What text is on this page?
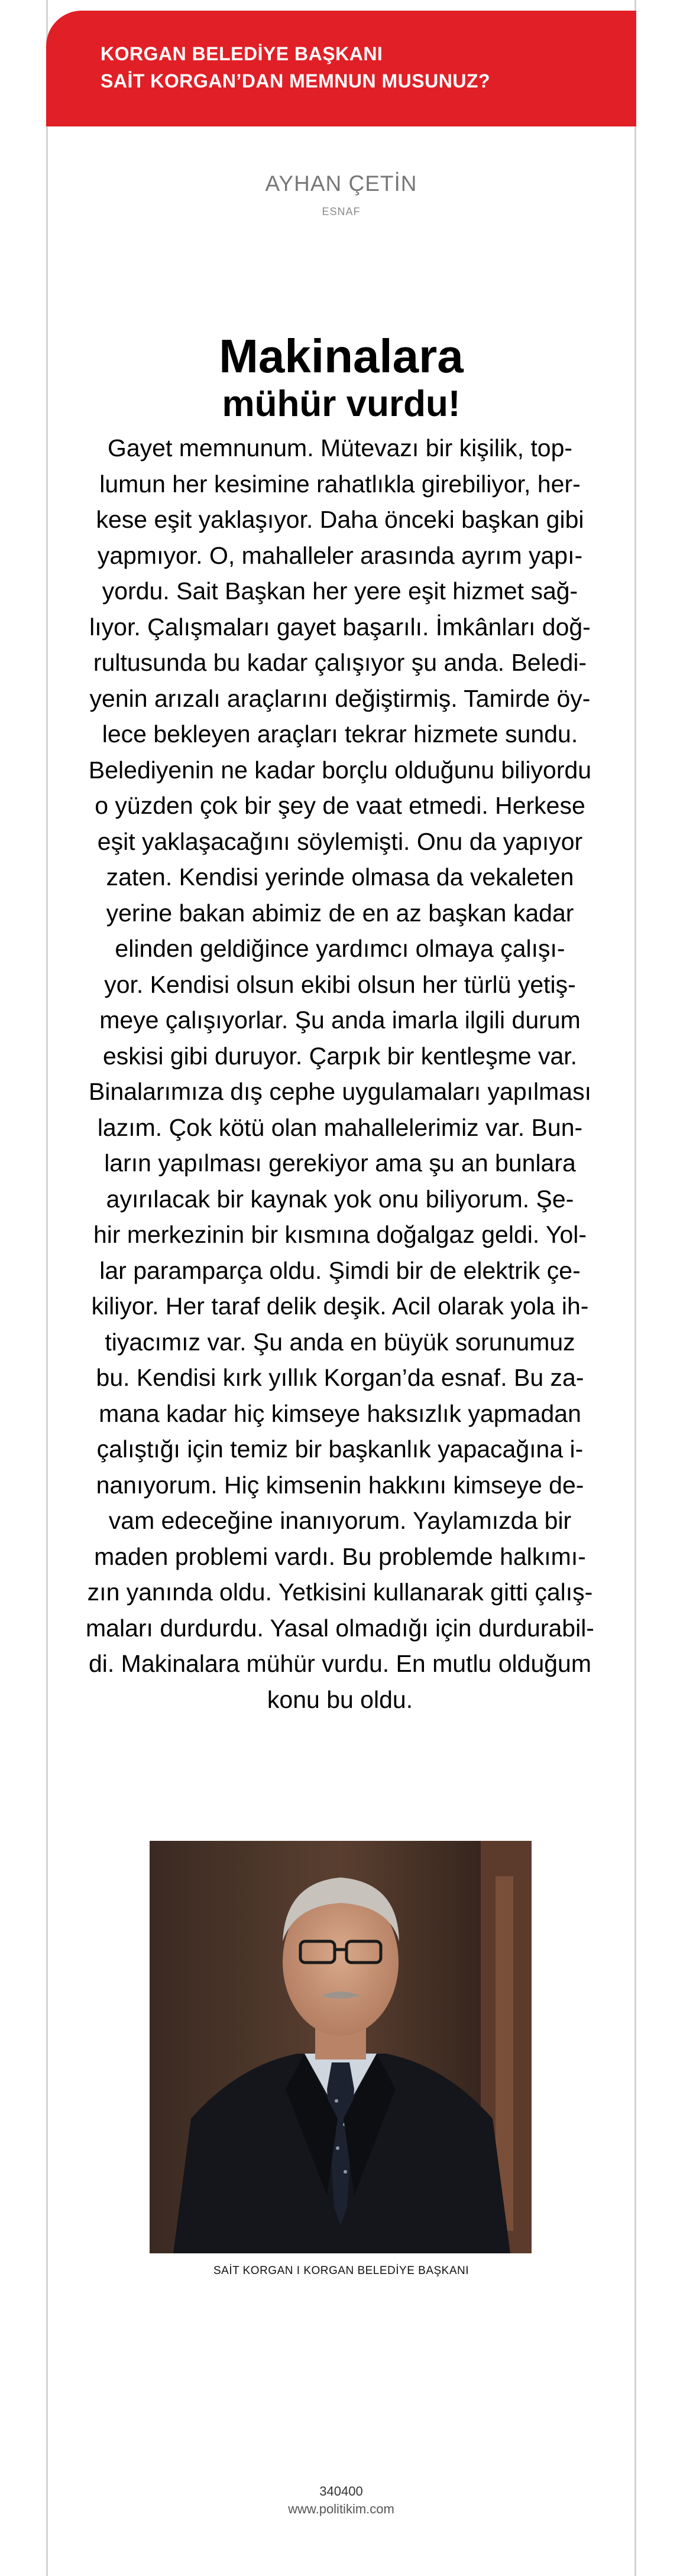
KORGAN BELEDİYE BAŞKANI
SAİT KORGAN’DAN MEMNUN MUSUNUZ?
AYHAN ÇETİN
ESNAF
Makinalara
mühür vurdu!

Gayet memnunum. Mütevazı bir kişilik, top-
lumun her kesimine rahatlıkla girebiliyor, her-
kese eşit yaklaşıyor. Daha önceki başkan gibi
yapmıyor. O, mahalleler arasında ayrım yapı-
yordu. Sait Başkan her yere eşit hizmet sağ-
lıyor. Çalışmaları gayet başarılı. İmkânları doğ-
rultusunda bu kadar çalışıyor şu anda. Beledi-
yenin arızalı araçlarını değiştirmiş. Tamirde öy-
lece bekleyen araçları tekrar hizmete sundu.
Belediyenin ne kadar borçlu olduğunu biliyordu
o yüzden çok bir şey de vaat etmedi. Herkese
eşit yaklaşacağını söylemişti. Onu da yapıyor
zaten. Kendisi yerinde olmasa da vekaleten
yerine bakan abimiz de en az başkan kadar
elinden geldiğince yardımcı olmaya çalışı-
yor. Kendisi olsun ekibi olsun her türlü yetiş-
meye çalışıyorlar. Şu anda imarla ilgili durum
eskisi gibi duruyor. Çarpık bir kentleşme var.
Binalarımıza dış cephe uygulamaları yapılması
lazım. Çok kötü olan mahallelerimiz var. Bun-
ların yapılması gerekiyor ama şu an bunlara
ayırılacak bir kaynak yok onu biliyorum. Şe-
hir merkezinin bir kısmına doğalgaz geldi. Yol-
lar paramparça oldu. Şimdi bir de elektrik çe-
kiliyor. Her taraf delik deşik. Acil olarak yola ih-
tiyacımız var. Şu anda en büyük sorunumuz
bu. Kendisi kırk yıllık Korgan’da esnaf. Bu za-
mana kadar hiç kimseye haksızlık yapmadan
çalıştığı için temiz bir başkanlık yapacağına i-
nanıyorum. Hiç kimsenin hakkını kimseye de-
vam edeceğine inanıyorum. Yaylamızda bir
maden problemi vardı. Bu problemde halkımı-
zın yanında oldu. Yetkisini kullanarak gitti çalış-
maları durdurdu. Yasal olmadığı için durdurabil-
di. Makinalara mühür vurdu. En mutlu olduğum
konu bu oldu.

SAİT KORGAN I KORGAN BELEDİYE BAŞKANI
340400
www.politikim.com
